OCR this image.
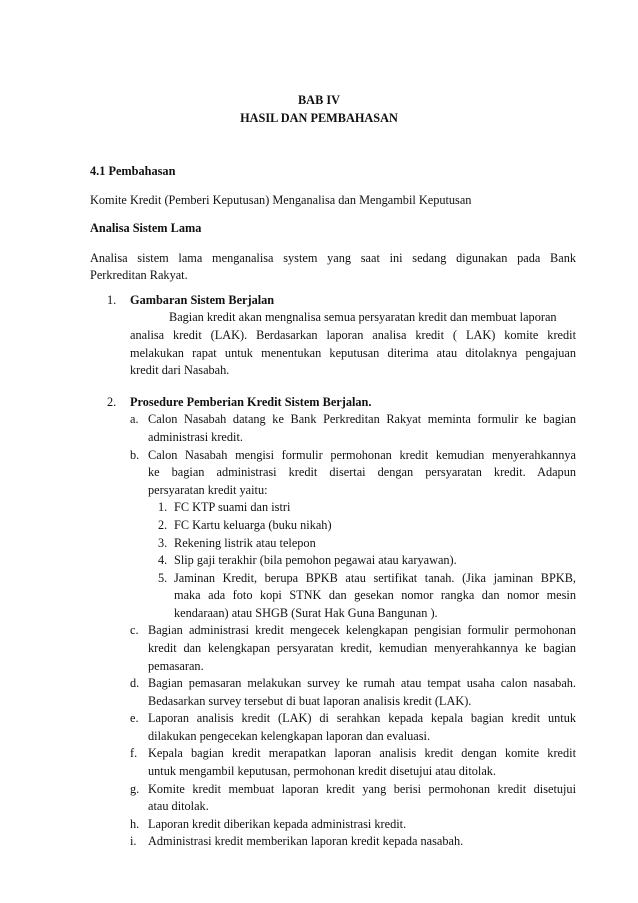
BAB IV
HASIL DAN PEMBAHASAN
4.1 Pembahasan
Komite Kredit (Pemberi Keputusan) Menganalisa dan Mengambil Keputusan
Analisa Sistem Lama
Analisa sistem lama menganalisa system yang saat ini sedang digunakan pada Bank
Perkreditan Rakyat.
1. Gambaran Sistem Berjalan
Bagian kredit akan mengnalisa semua persyaratan kredit dan membuat laporan
analisa kredit (LAK). Berdasarkan laporan analisa kredit ( LAK) komite kredit
melakukan rapat untuk menentukan keputusan diterima atau ditolaknya pengajuan
kredit dari Nasabah.
2. Prosedure Pemberian Kredit Sistem Berjalan.
a. Calon Nasabah datang ke Bank Perkreditan Rakyat meminta formulir ke bagian
administrasi kredit.
b. Calon Nasabah mengisi formulir permohonan kredit kemudian menyerahkannya
ke bagian administrasi kredit disertai dengan persyaratan kredit. Adapun
persyaratan kredit yaitu:
1. FC KTP suami dan istri
2. FC Kartu keluarga (buku nikah)
3. Rekening listrik atau telepon
4. Slip gaji terakhir (bila pemohon pegawai atau karyawan).
5. Jaminan Kredit, berupa BPKB atau sertifikat tanah. (Jika jaminan BPKB,
maka ada foto kopi STNK dan gesekan nomor rangka dan nomor mesin
kendaraan) atau SHGB (Surat Hak Guna Bangunan ).
c. Bagian administrasi kredit mengecek kelengkapan pengisian formulir permohonan
kredit dan kelengkapan persyaratan kredit, kemudian menyerahkannya ke bagian
pemasaran.
d. Bagian pemasaran melakukan survey ke rumah atau tempat usaha calon nasabah.
Bedasarkan survey tersebut di buat laporan analisis kredit (LAK).
e. Laporan analisis kredit (LAK) di serahkan kepada kepala bagian kredit untuk
dilakukan pengecekan kelengkapan laporan dan evaluasi.
f. Kepala bagian kredit merapatkan laporan analisis kredit dengan komite kredit
untuk mengambil keputusan, permohonan kredit disetujui atau ditolak.
g. Komite kredit membuat laporan kredit yang berisi permohonan kredit disetujui
atau ditolak.
h. Laporan kredit diberikan kepada administrasi kredit.
i. Administrasi kredit memberikan laporan kredit kepada nasabah.
